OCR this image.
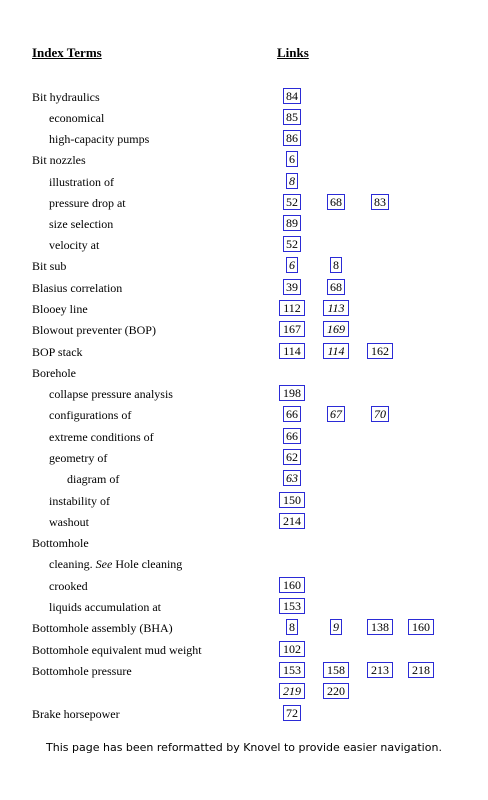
Index Terms	Links
Bit hydraulics	84
economical	85
high-capacity pumps	86
Bit nozzles	6
illustration of	8
pressure drop at	52	68	83
size selection	89
velocity at	52
Bit sub	6	8
Blasius correlation	39	68
Blooey line	112	113
Blowout preventer (BOP)	167	169
BOP stack	114	114	162
Borehole
collapse pressure analysis	198
configurations of	66	67	70
extreme conditions of	66
geometry of	62
diagram of	63
instability of	150
washout	214
Bottomhole
cleaning. See Hole cleaning
crooked	160
liquids accumulation at	153
Bottomhole assembly (BHA)	8	9	138	160
Bottomhole equivalent mud weight	102
Bottomhole pressure	153	158	213	218
219	220
Brake horsepower	72
This page has been reformatted by Knovel to provide easier navigation.
